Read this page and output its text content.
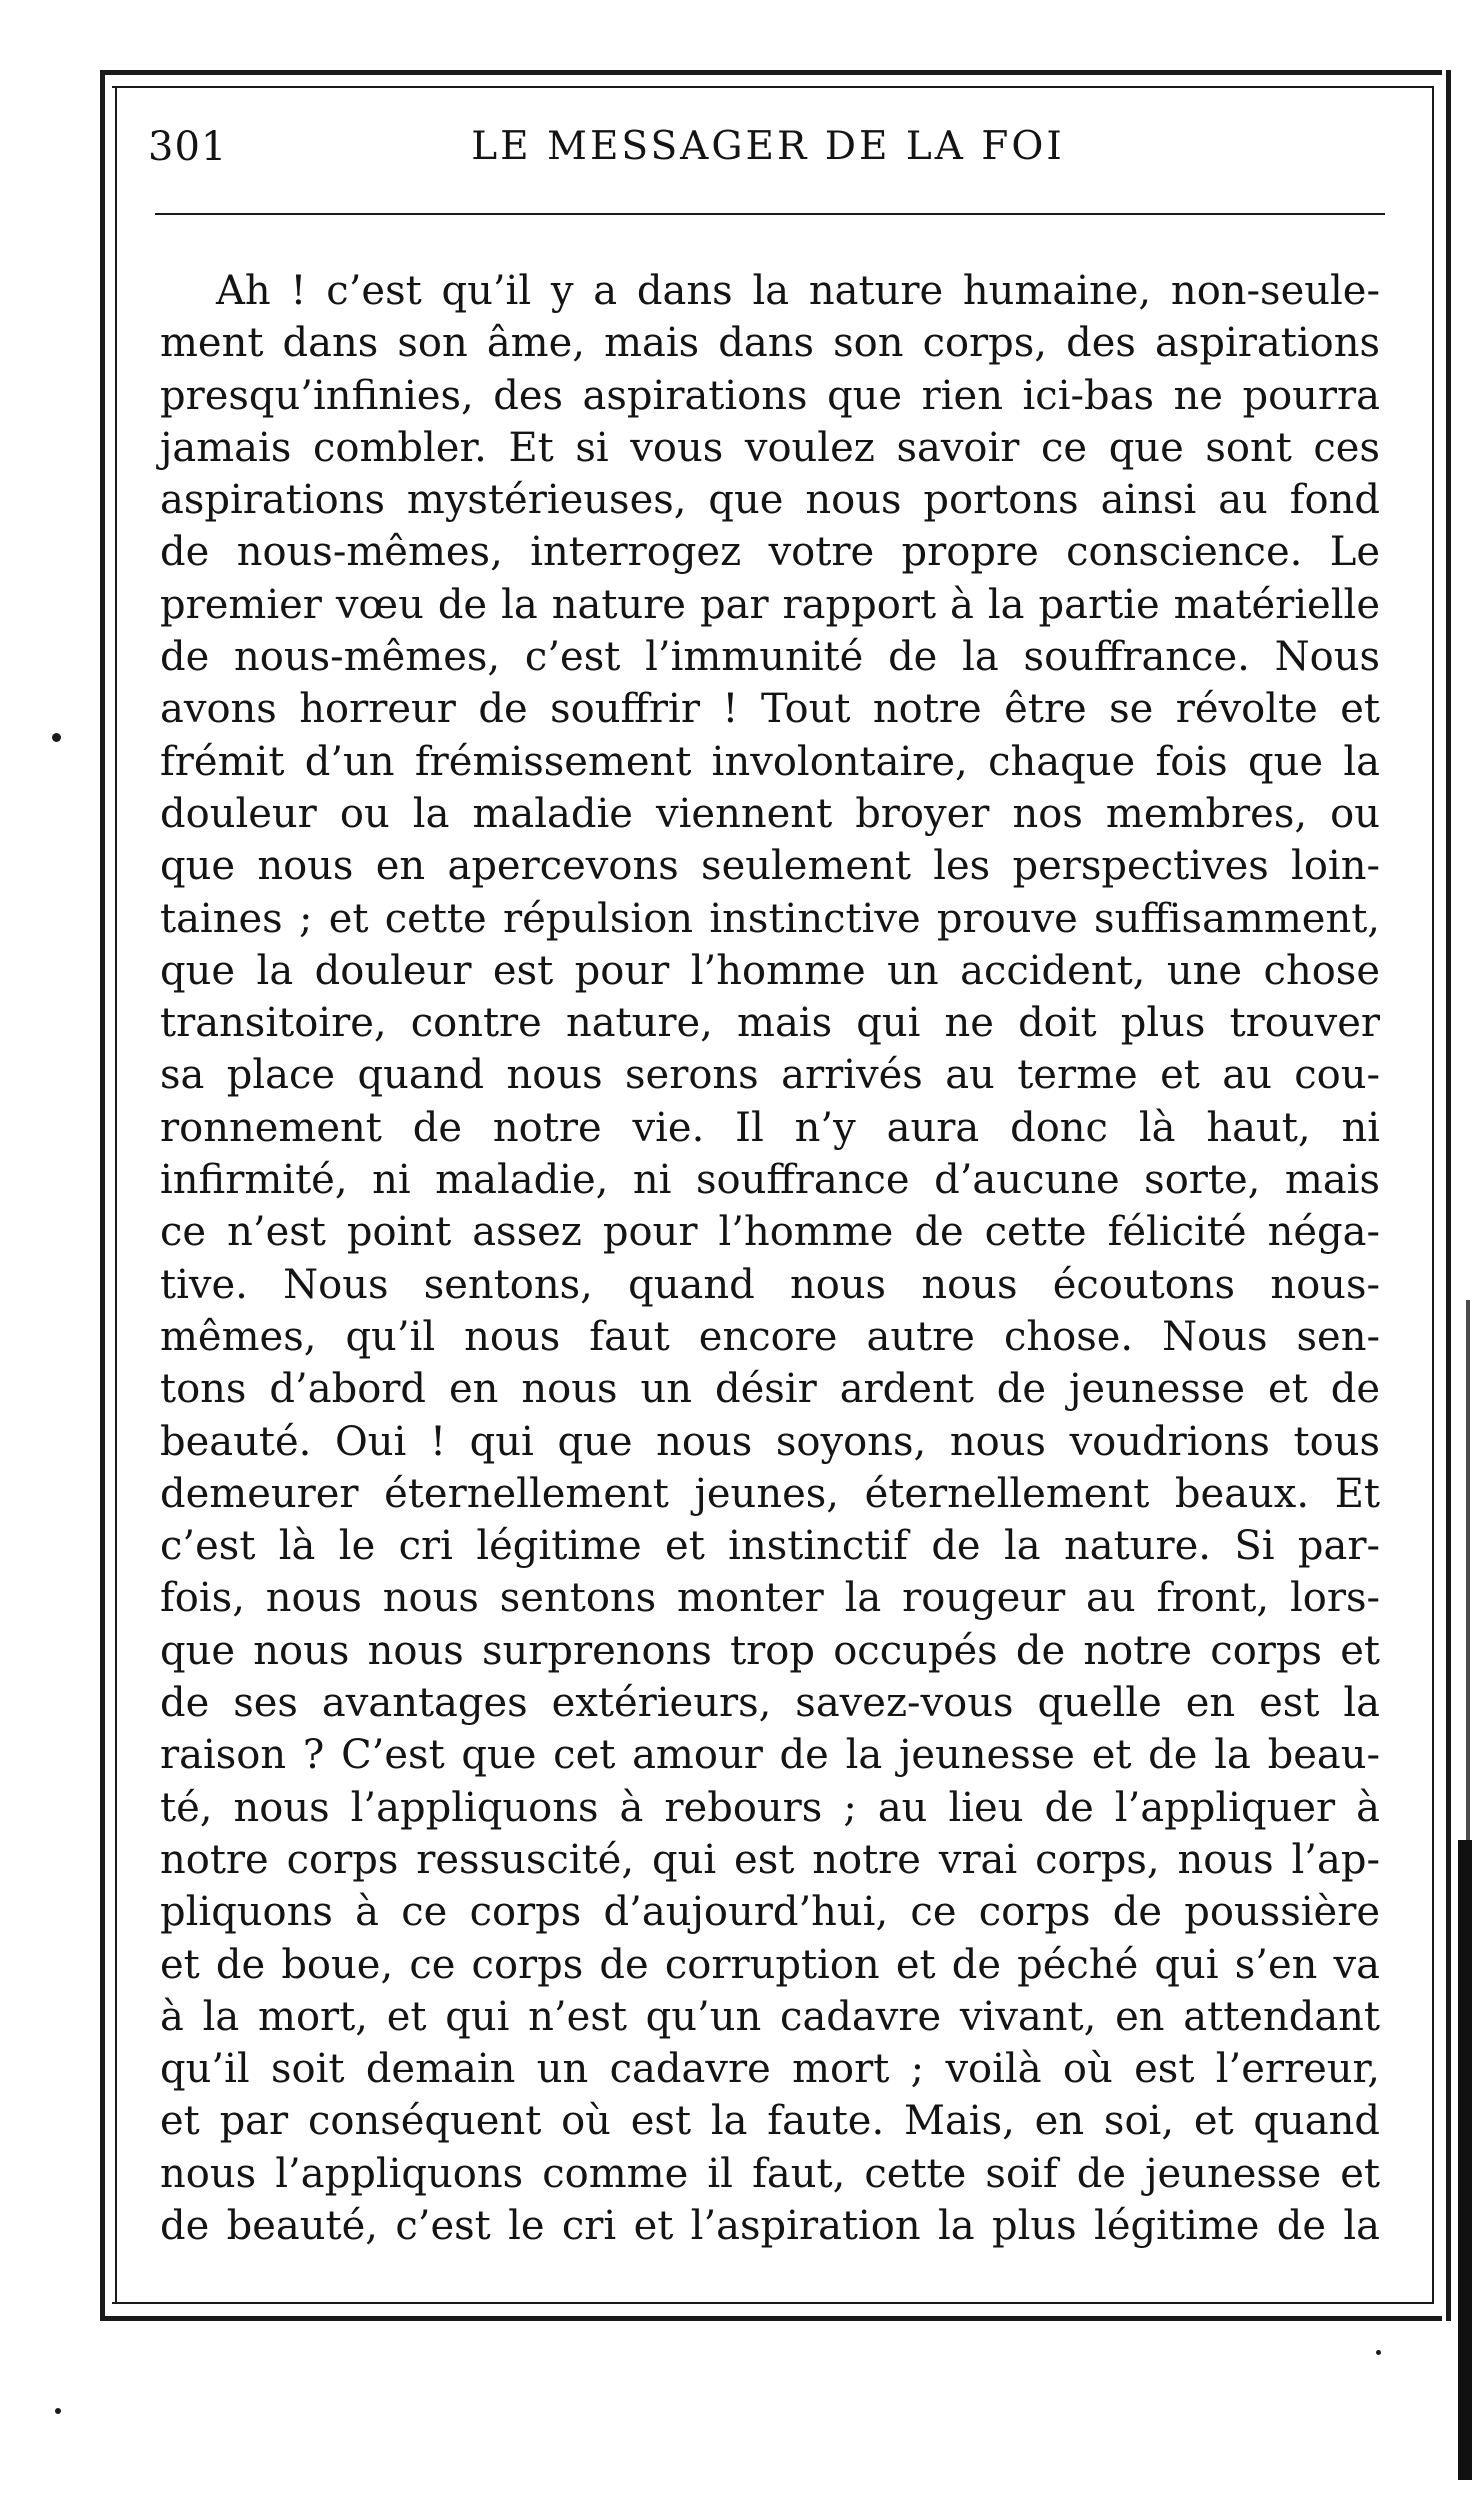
301	LE MESSAGER DE LA FOI
Ah ! c’est qu’il y a dans la nature humaine, non-seule-
ment dans son âme, mais dans son corps, des aspirations
presqu’infinies, des aspirations que rien ici-bas ne pourra
jamais combler. Et si vous voulez savoir ce que sont ces
aspirations mystérieuses, que nous portons ainsi au fond
de nous-mêmes, interrogez votre propre conscience. Le
premier vœu de la nature par rapport à la partie matérielle
de nous-mêmes, c’est l’immunité de la souffrance. Nous
avons horreur de souffrir ! Tout notre être se révolte et
frémit d’un frémissement involontaire, chaque fois que la
douleur ou la maladie viennent broyer nos membres, ou
que nous en apercevons seulement les perspectives loin-
taines ; et cette répulsion instinctive prouve suffisamment,
que la douleur est pour l’homme un accident, une chose
transitoire, contre nature, mais qui ne doit plus trouver
sa place quand nous serons arrivés au terme et au cou-
ronnement de notre vie. Il n’y aura donc là haut, ni
infirmité, ni maladie, ni souffrance d’aucune sorte, mais
ce n’est point assez pour l’homme de cette félicité néga-
tive. Nous sentons, quand nous nous écoutons nous-
mêmes, qu’il nous faut encore autre chose. Nous sen-
tons d’abord en nous un désir ardent de jeunesse et de
beauté. Oui ! qui que nous soyons, nous voudrions tous
demeurer éternellement jeunes, éternellement beaux. Et
c’est là le cri légitime et instinctif de la nature. Si par-
fois, nous nous sentons monter la rougeur au front, lors-
que nous nous surprenons trop occupés de notre corps et
de ses avantages extérieurs, savez-vous quelle en est la
raison ? C’est que cet amour de la jeunesse et de la beau-
té, nous l’appliquons à rebours ; au lieu de l’appliquer à
notre corps ressuscité, qui est notre vrai corps, nous l’ap-
pliquons à ce corps d’aujourd’hui, ce corps de poussière
et de boue, ce corps de corruption et de péché qui s’en va
à la mort, et qui n’est qu’un cadavre vivant, en attendant
qu’il soit demain un cadavre mort ; voilà où est l’erreur,
et par conséquent où est la faute. Mais, en soi, et quand
nous l’appliquons comme il faut, cette soif de jeunesse et
de beauté, c’est le cri et l’aspiration la plus légitime de la
